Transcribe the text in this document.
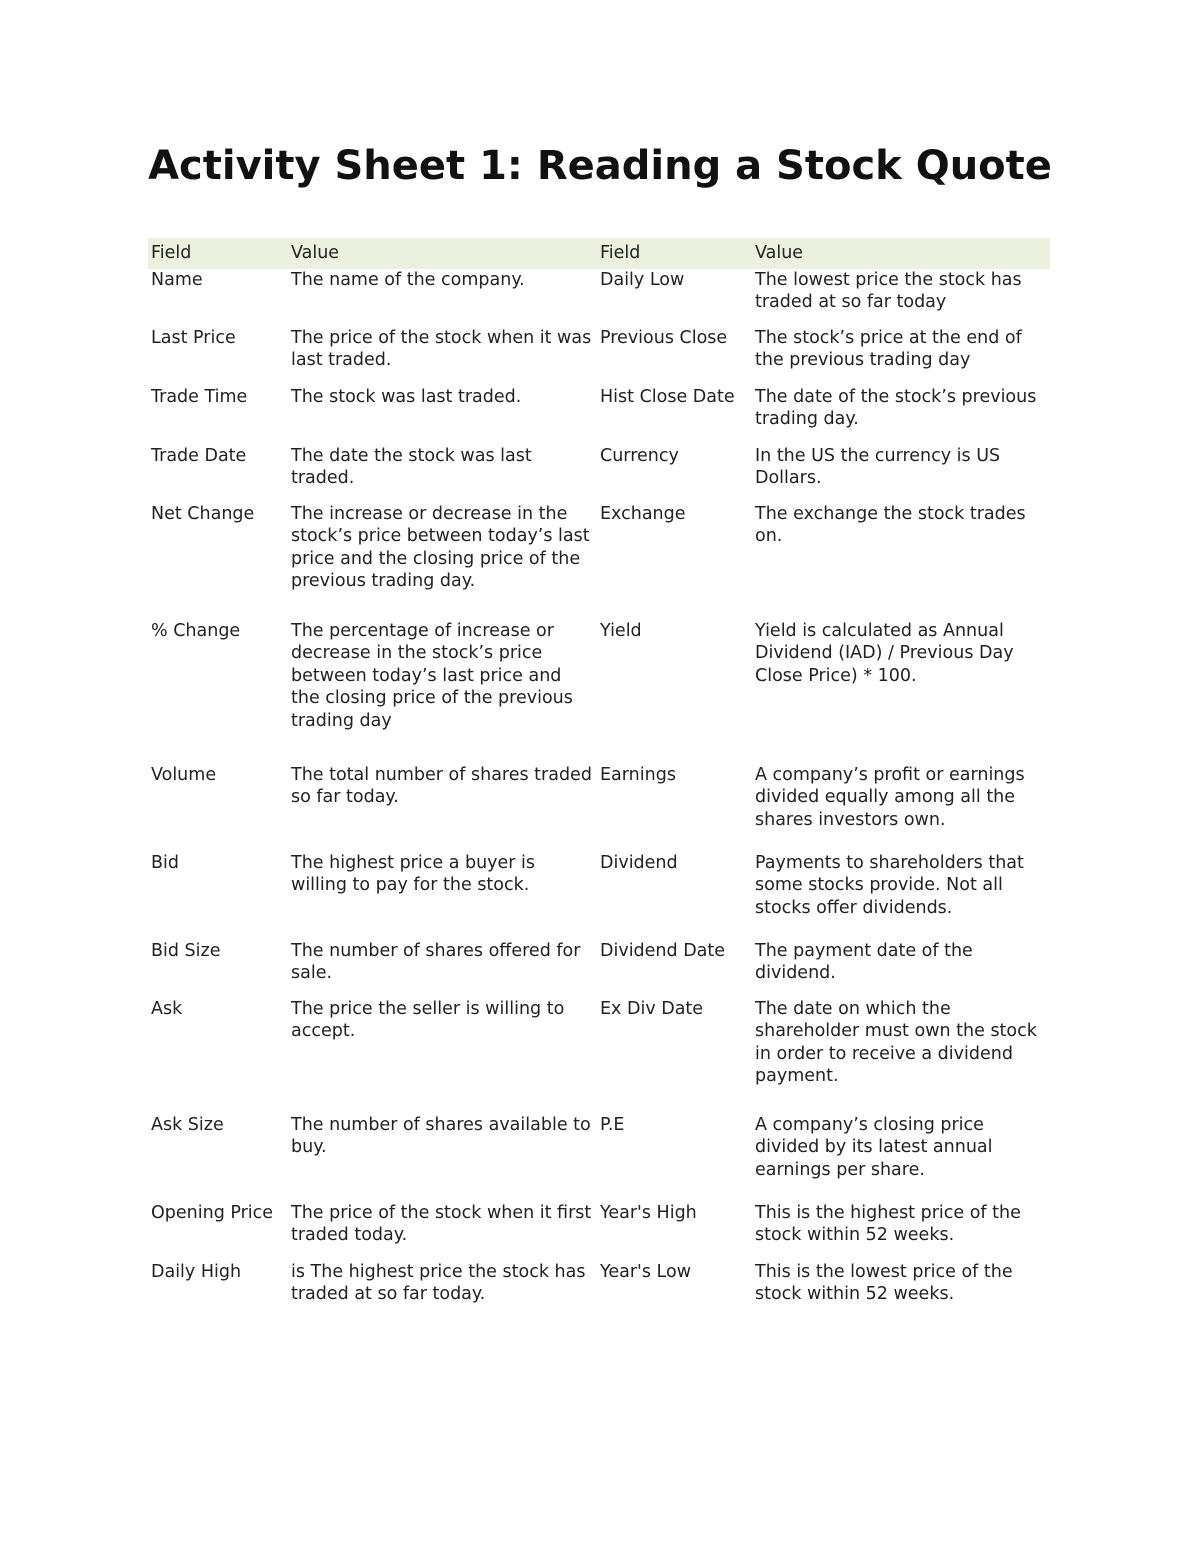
Activity Sheet 1: Reading a Stock Quote
Field	Value	Field	Value
Name	The name of the company.	Daily Low	The lowest price the stock has traded at so far today
Last Price	The price of the stock when it was last traded.	Previous Close	The stock’s price at the end of the previous trading day
Trade Time	The stock was last traded.	Hist Close Date	The date of the stock’s previous trading day.
Trade Date	The date the stock was last traded.	Currency	In the US the currency is US Dollars.
Net Change	The increase or decrease in the stock’s price between today’s last price and the closing price of the previous trading day.	Exchange	The exchange the stock trades on.
% Change	The percentage of increase or decrease in the stock’s price between today’s last price and the closing price of the previous trading day	Yield	Yield is calculated as Annual Dividend (IAD) / Previous Day Close Price) * 100.
Volume	The total number of shares traded so far today.	Earnings	A company’s profit or earnings divided equally among all the shares investors own.
Bid	The highest price a buyer is willing to pay for the stock.	Dividend	Payments to shareholders that some stocks provide. Not all stocks offer dividends.
Bid Size	The number of shares offered for sale.	Dividend Date	The payment date of the dividend.
Ask	The price the seller is willing to accept.	Ex Div Date	The date on which the shareholder must own the stock in order to receive a dividend payment.
Ask Size	The number of shares available to buy.	P.E	A company’s closing price divided by its latest annual earnings per share.
Opening Price	The price of the stock when it first traded today.	Year's High	This is the highest price of the stock within 52 weeks.
Daily High	is The highest price the stock has traded at so far today.	Year's Low	This is the lowest price of the stock within 52 weeks.
